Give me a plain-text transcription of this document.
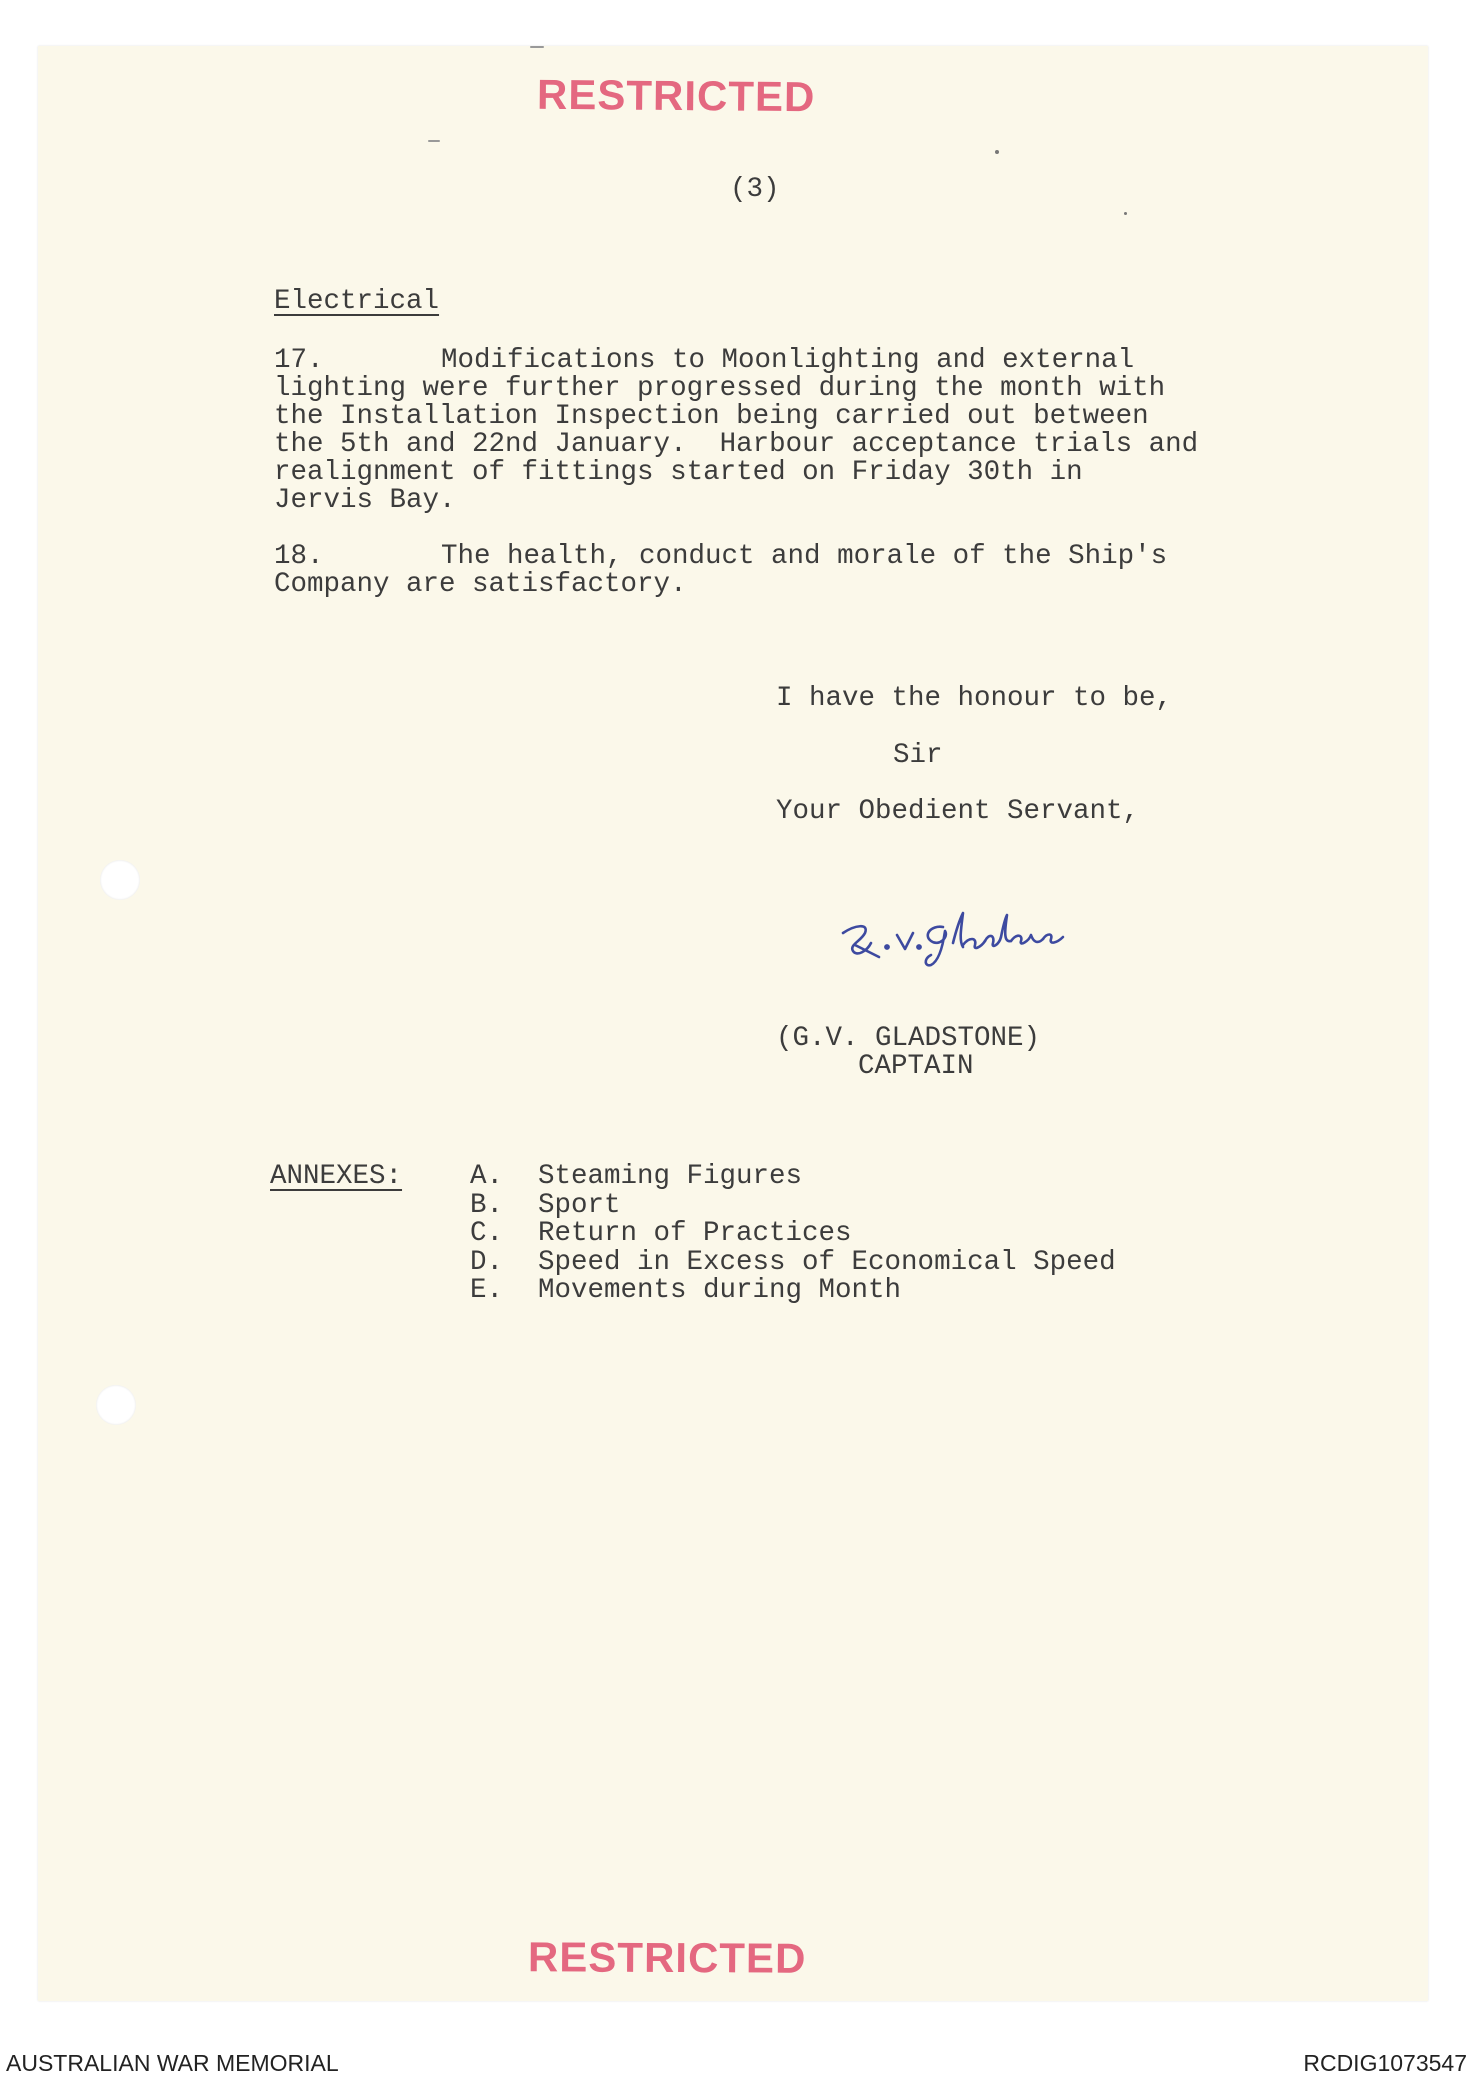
RESTRICTED
(3)
Electrical
17.	Modifications to Moonlighting and external
lighting were further progressed during the month with
the Installation Inspection being carried out between
the 5th and 22nd January.  Harbour acceptance trials and
realignment of fittings started on Friday 30th in
Jervis Bay.
18.	The health, conduct and morale of the Ship's
Company are satisfactory.
I have the honour to be,
Sir
Your Obedient Servant,
(G.V. GLADSTONE)
CAPTAIN
ANNEXES: A. Steaming Figures
B. Sport
C. Return of Practices
D. Speed in Excess of Economical Speed
E. Movements during Month
RESTRICTED
AUSTRALIAN WAR MEMORIAL	RCDIG1073547
